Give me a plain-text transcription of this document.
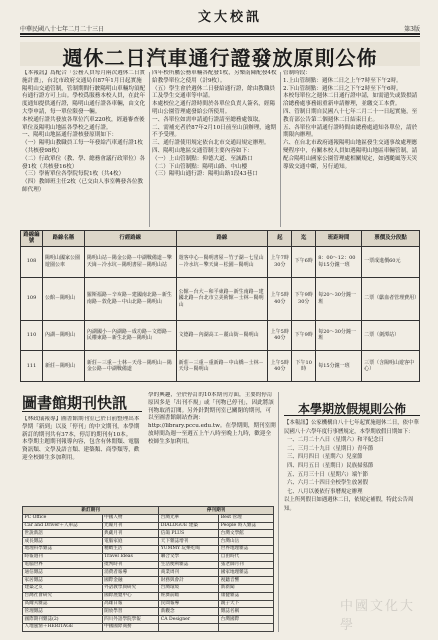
文大校訊
中華民國八十七年二月二十三日	第3版
週休二日汽車通行證發放原則公佈

【本報訊】爲配合「公務人員每月兩次週休二日實施計畫」，台北市政府交通局自87年1月日起實施陽明山交通管制，管制期間行駛陽明山車輛均須配有通行證方可上山。學校爲服務本校人員，在此年度通知提供通行證，陽明山通行證各車輛，由文化大學申請，每一單位限發一輛。

本校通行證共發放各單位汽車220枚，經過審查後單位及陽明山地區各學校之通行證。

一、陽明山地區通行證核發原則如下：

（一）陽明山教職員工每一年發給汽車通行證1枚（共核發98枚）

（二）行政單位（教、學、總務會議行政單位）各發1枚（共核發16枚）

（三）學術單位各學院每院1枚（共4枚）

（四）教師班主任2枚（已交由人事室轉發各位教師代理）

四年校所屬公務車輛各配發1枚，另樂南陳配發4枚給教學單位之使用（計9枚）。

（五）學生會於週休二日發給通行證，餘由教職員工及學生交通車等申請。

本處校位之通行證時間於各單位負責人簽名，經陽明山公園管理處發給公所使用。

一、各單位如需申請通行證請至總務處領取。

二、需補充者於87年2月10日前至山頂辦理，逾期不予受理。

三、通行證使用規定依台北市交通局規定辦理。

四、陽明山地區交通管制主要內容如下：

（一）上山管制點：仰德大道、至誠路口

（二）下山管制點：陽明山路、中山樓

（三）陽明山通行證：陽明山路1段43巷口

管制時段：

1.上山管制點：週休二日之上午7時至下午2時。

2.下山管制點：週休二日之下午2時至下午6時。

本校每單位之週休二日通行證申請，如需遺失或毀損請洽總務處事務組重新申請辦理，並繳交工本費。

四、管制日期自民國八十七年二月二十一日起實施，至教育部公告第二個週休二日結束日止。

五、各單位申請通行證時間由總務處通知各單位，請於期限內辦理。

六、在台北市政府通報陽明山地區發生交通事故處理應變程序中，有關本校人員如遇陽明山地區車輛管制，請配合陽明山國家公園管理處相關規定，如遇颱風等天災導致交通中斷，另行通知。

路線編號	路線名稱	行經路線	路線	起	迄	班距時間	票價及分段點
108	陽明山國家公園遊園公車	陽明山站－陽金公路－中湖戰備道－擎天崗－冷水坑－陽明書屋－陽明山站	遊客中心－陽明書屋－竹子湖－七星山－冷水坑－擎天崗－松園－陽明山	上午7時30分	下午6時	8：00～12：00每15分鐘一班	一票成進價60元
109	公館－陽明山	羅斯福路－辛亥路－建國南北路－新生南路－敦化路－中山北路－陽明山	公館－台大－和平東路－新生南路－建國北路－台北市立美術館－士林－陽明山	上午5時40分	下午9時30分	每20～30分鐘一班	二票（獻血者管理費用）
110	內湖－陽明山	內湖國小－內湖路－成功路－文德路－民權東路－新生北路－陽明山	文德路－內湖高工－麗山街－陽明山	上午5時40分	下午9時	每20～30分鐘一班	二票（劍潭站）
111	新莊－陽明山	新莊－三重－士林－天母－陽明山－陽金公路－中湖戰備道	新莊－三重－重新路－中山橋－士林－天母－陽明山	上午5時40分	下午10時	每15分鐘一班	三票（含陽明山遊客中心）
圖書館期刊快訊

【林政儀報導】圖書館期刊室已於日前整理出本學期「新到」以及「停刊」的中文期刊，本學期新訂的期刊共有37本，停訂的期刊有10本。

本學期主題期刊報導內容，包含有休閒類、電腦資訊類、文學及語言類、建築類、商學類等，歡迎全校師生多加利用。

學的興趣，全於停訂的10本期刊方面，主要的停訂原因多是「出刊不規」或「刊物已停刊」，因此將該刊物取消訂閱。另外針對期刊室已關閉的期刊，可以至圖書館網站查詢：http://library.pccu.edu.tw。在學期間，期刊室開放時間為週一至週五上午八時至晚上九時，歡迎全校師生多加利用。

新訂期刊		停刊期刊	
PC Office	中國人物	台灣光華	Best 管理
Car and Driver＋人車誌	光碟月刊	DIALOGUE 建築	People 時人雜誌
世說新語	典藏月刊	信鴿 PLUS	台灣文學館
成長雜誌	電腦家庭	天下雜誌增刊	台灣山岳
地理科學雜誌	精緻生活	YUMMY 玩樂吃喝	世界地理雜誌
時報週刊	Travel Ideas	聯合文學	自由時代
電腦世界	批判時刊	生活便利雜誌	張老師月刊
通信雜誌	消費者報導	商業周刊	國家地理雜誌
家居雜誌	國際金融	財務與會計	視聽音響
建築之友	外語教學與研究	台灣環境	新新聞
台灣社會研究	國際展覽中心	經濟前瞻	康健雜誌
高爾夫雜誌	高雄日報	民間報導	親子天下
管理雜誌	開放學習	新觀念	雜誌名稱
國際期刊雜誌(2)	四川外語學院學報	CA Designer	台灣國際
人地風情＋HERITAGE	中國國際商務		
本學期放假規則公佈

【本報訊】公家機構自八十七年起實施週休二日，依中華民國八十六學年度行事曆規定，本學期放假日期如下：

一、二月二十八日（星期六）和平紀念日

二、三月二十九日（星期日）青年節

三、四月四日（星期六）兒童節

四、四月五日（星期日）民族掃墓節

五、五月三十日（星期六）端午節

六、六月二十四日全校學生放暑假

七、八月以後依行事曆規定辦理

以上所列假日如遇週休二日，依規定補假，特此公告周知。

中國文化大學
